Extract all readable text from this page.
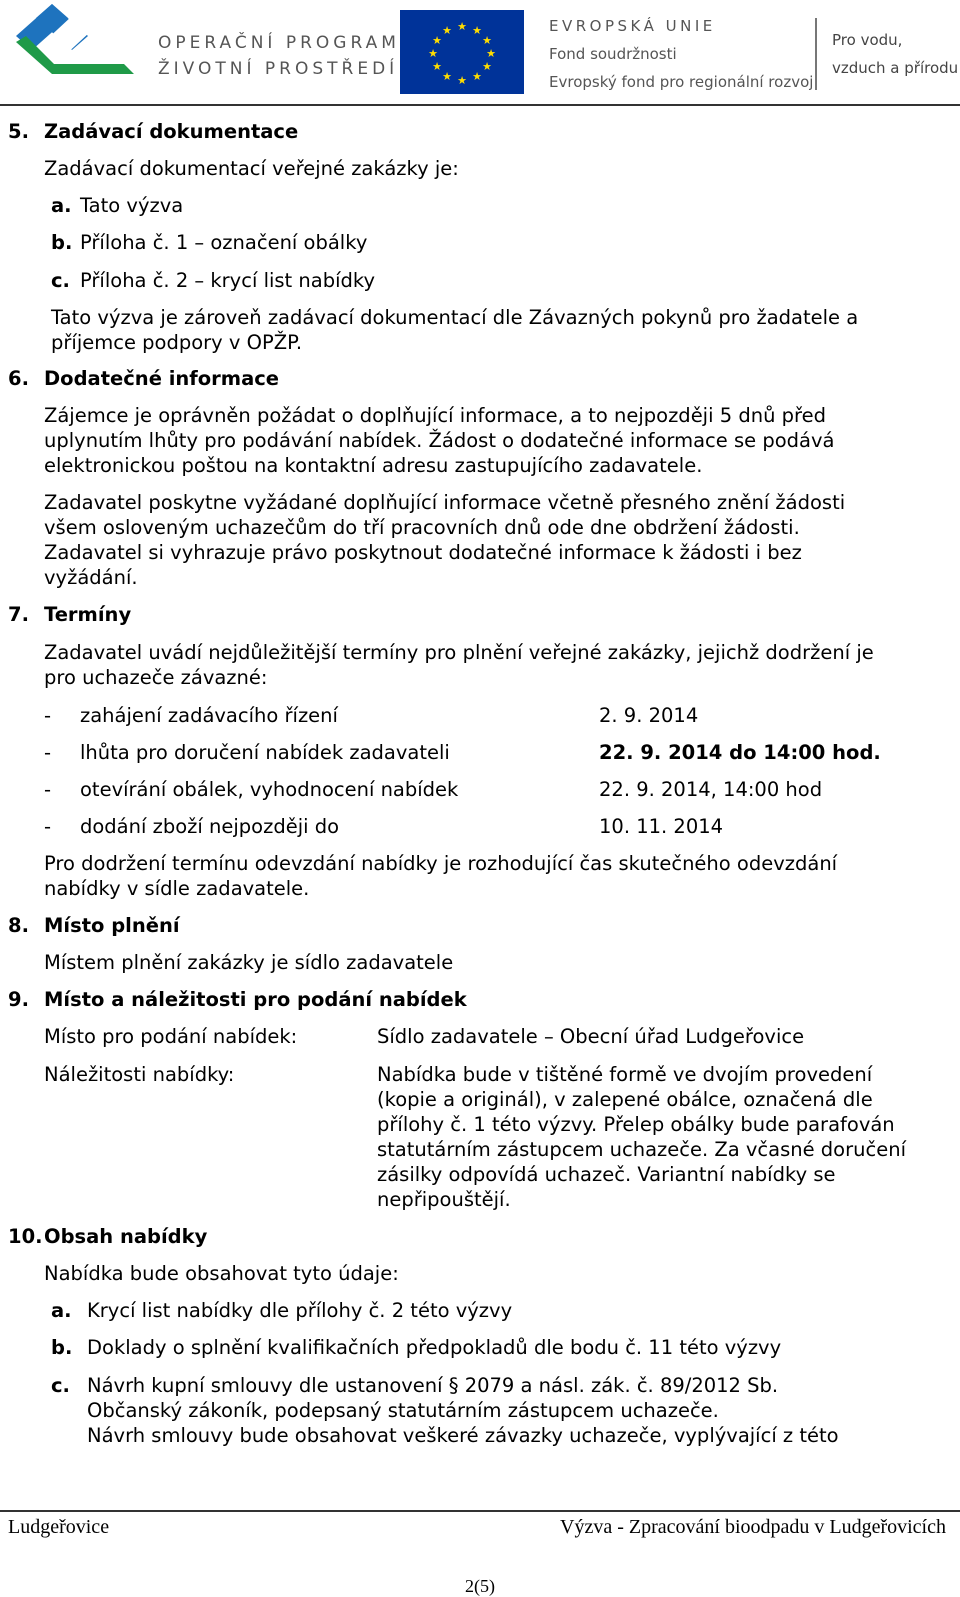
OPERAČNÍ PROGRAM
ŽIVOTNÍ PROSTŘEDÍ
★ ★
★
★
★
★
★
★
★
★
★
★	EVROPSKÁ UNIE
Fond soudržnosti
Evropský fond pro regionální rozvoj
Pro vodu,
vzduch a přírodu
5. Zadávací dokumentace
Zadávací dokumentací veřejné zakázky je:
a. Tato výzva
b. Příloha č. 1 – označení obálky
c. Příloha č. 2 – krycí list nabídky
Tato výzva je zároveň zadávací dokumentací dle Závazných pokynů pro žadatele a
příjemce podpory v OPŽP.
6. Dodatečné informace
Zájemce je oprávněn požádat o doplňující informace, a to nejpozději 5 dnů před
uplynutím lhůty pro podávání nabídek. Žádost o dodatečné informace se podává
elektronickou poštou na kontaktní adresu zastupujícího zadavatele.
Zadavatel poskytne vyžádané doplňující informace včetně přesného znění žádosti
všem osloveným uchazečům do tří pracovních dnů ode dne obdržení žádosti.
Zadavatel si vyhrazuje právo poskytnout dodatečné informace k žádosti i bez
vyžádání.
7. Termíny
Zadavatel uvádí nejdůležitější termíny pro plnění veřejné zakázky, jejichž dodržení je
pro uchazeče závazné:
- zahájení zadávacího řízení	2. 9. 2014
- lhůta pro doručení nabídek zadavateli	22. 9. 2014 do 14:00 hod.
- otevírání obálek, vyhodnocení nabídek	22. 9. 2014, 14:00 hod
- dodání zboží nejpozději do	10. 11. 2014
Pro dodržení termínu odevzdání nabídky je rozhodující čas skutečného odevzdání
nabídky v sídle zadavatele.
8. Místo plnění
Místem plnění zakázky je sídlo zadavatele
9. Místo a náležitosti pro podání nabídek
Místo pro podání nabídek:	Sídlo zadavatele – Obecní úřad Ludgeřovice
Náležitosti nabídky:	Nabídka bude v tištěné formě ve dvojím provedení
(kopie a originál), v zalepené obálce, označená dle
přílohy č. 1 této výzvy. Přelep obálky bude parafován
statutárním zástupcem uchazeče. Za včasné doručení
zásilky odpovídá uchazeč. Variantní nabídky se
nepřipouštějí.
10. Obsah nabídky
Nabídka bude obsahovat tyto údaje:
a. Krycí list nabídky dle přílohy č. 2 této výzvy
b. Doklady o splnění kvalifikačních předpokladů dle bodu č. 11 této výzvy
c. Návrh kupní smlouvy dle ustanovení § 2079 a násl. zák. č. 89/2012 Sb.
Občanský zákoník, podepsaný statutárním zástupcem uchazeče.
Návrh smlouvy bude obsahovat veškeré závazky uchazeče, vyplývající z této
Ludgeřovice	Výzva - Zpracování bioodpadu v Ludgeřovicích
2(5)
